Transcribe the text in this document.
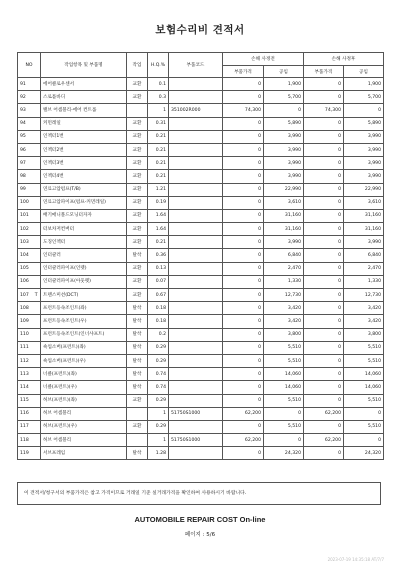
보험수리비 견적서
NO	작업항목 및 부품명	작업	H.Q.%	부품코드	손해 사정전		손해 사정후	
					부품가격	공임	부품가격	공임
91	에어클로우센서	교환	0.1		0	1,900	0	1,900
92	스로틀바디	교환	0.3		0	5,700	0	5,700
93	밸브 어셈블리-에어 컨트롤		1	351002R000	74,300	0	74,300	0
94	커먼레일	교환	0.31		0	5,890	0	5,890
95	인젝터1번	교환	0.21		0	3,990	0	3,990
96	인젝터2번	교환	0.21		0	3,990	0	3,990
97	인젝터3번	교환	0.21		0	3,990	0	3,990
98	인젝터4번	교환	0.21		0	3,990	0	3,990
99	연료고압펌프(T/B)	교환	1.21		0	22,990	0	22,990
100	연료고압파이프(펌프-커먼레일)	교환	0.19		0	3,610	0	3,610
101	배기매니폴드모닝터자자	교환	1.64		0	31,160	0	31,160
102	터보차저컨버터	교환	1.64		0	31,160	0	31,160
103	도징인젝터	교환	0.21		0	3,990	0	3,990
104	인터쿨러	탈착	0.36		0	6,840	0	6,840
105	인터쿨러파이프(인렛)	교환	0.13		0	2,470	0	2,470
106	인터쿨러파이프(아웃렛)	교환	0.07		0	1,330	0	1,330
107 T	트랜스미션(DCT)	교환	0.67		0	12,730	0	12,730
108	프런트등속조인트(좌)	탈착	0.18		0	3,420	0	3,420
109	프런트등속조인트(우)	탈착	0.18		0	3,420	0	3,420
110	프런트등속조인트(인너샤프트)	탈착	0.2		0	3,800	0	3,800
111	쇽업소버(프런트)(좌)	탈착	0.29		0	5,510	0	5,510
112	쇽업소버(프런트)(우)	탈착	0.29		0	5,510	0	5,510
113	너클(프런트)(좌)	탈착	0.74		0	14,060	0	14,060
114	너클(프런트)(우)	탈착	0.74		0	14,060	0	14,060
115	허브(프런트)(좌)	교환	0.29		0	5,510	0	5,510
116	허브 어셈블리		1	51750S1000	62,200	0	62,200	0
117	허브(프런트)(우)	교환	0.29		0	5,510	0	5,510
118	허브 어셈블리		1	51750S1000	62,200	0	62,200	0
119	서브프레임	탈착	1.28		0	24,320	0	24,320
이 견적서/청구서의 부품가격은 참고 가격이므로 거래일 기준 실거래가격을 확인하여 사용하시기 바랍니다.
AUTOMOBILE REPAIR COST On-line
페이지 : 5/6
2023-07-19 14:35:18 AT/7/7
